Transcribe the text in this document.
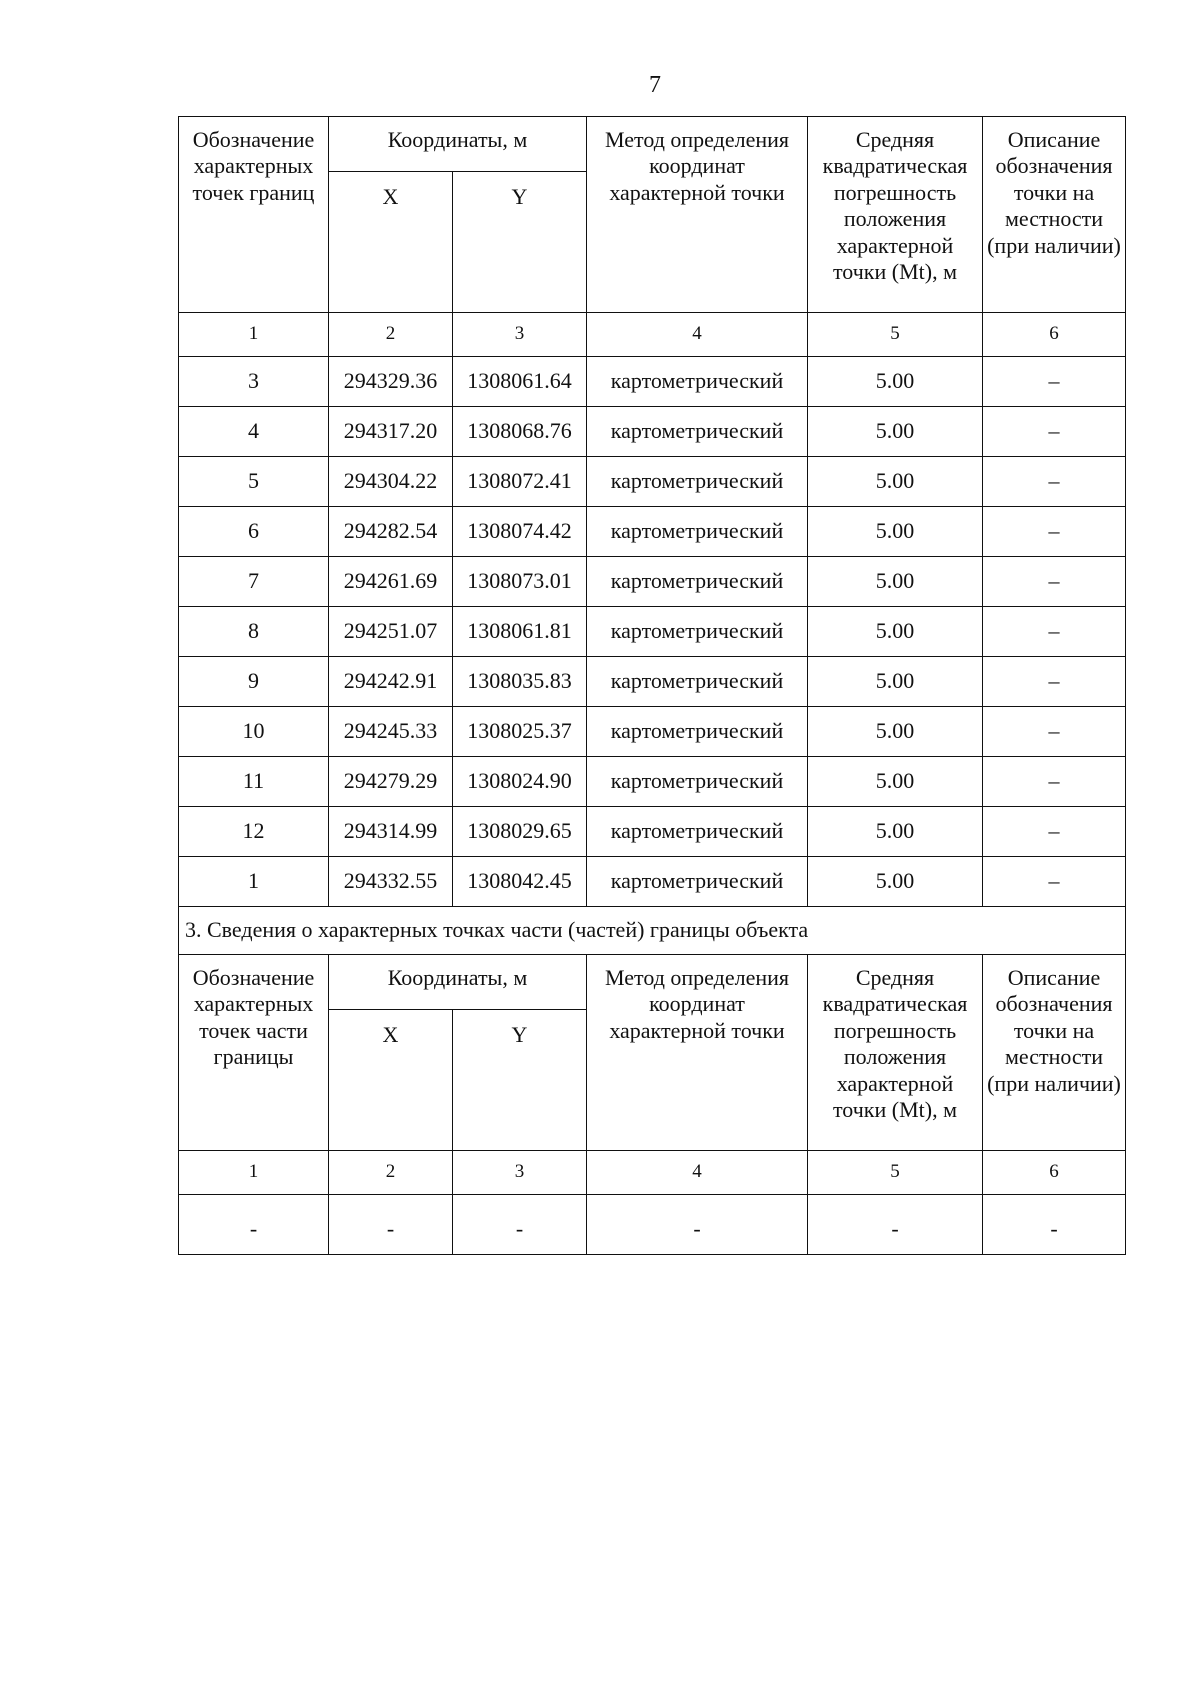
7
Обозначение характерных точек границ	Координаты, м		Метод определения координат характерной точки	Средняя квадратическая погрешность положения характерной точки (Mt), м	Описание обозначения точки на местности (при наличии)
	X	Y			
1	2	3	4	5	6
3	294329.36	1308061.64	картометрический	5.00	–
4	294317.20	1308068.76	картометрический	5.00	–
5	294304.22	1308072.41	картометрический	5.00	–
6	294282.54	1308074.42	картометрический	5.00	–
7	294261.69	1308073.01	картометрический	5.00	–
8	294251.07	1308061.81	картометрический	5.00	–
9	294242.91	1308035.83	картометрический	5.00	–
10	294245.33	1308025.37	картометрический	5.00	–
11	294279.29	1308024.90	картометрический	5.00	–
12	294314.99	1308029.65	картометрический	5.00	–
1	294332.55	1308042.45	картометрический	5.00	–
3. Сведения о характерных точках части (частей) границы объекта					
Обозначение характерных точек части границы	Координаты, м		Метод определения координат характерной точки	Средняя квадратическая погрешность положения характерной точки (Mt), м	Описание обозначения точки на местности (при наличии)
	X	Y			
1	2	3	4	5	6
-	-	-	-	-	-
